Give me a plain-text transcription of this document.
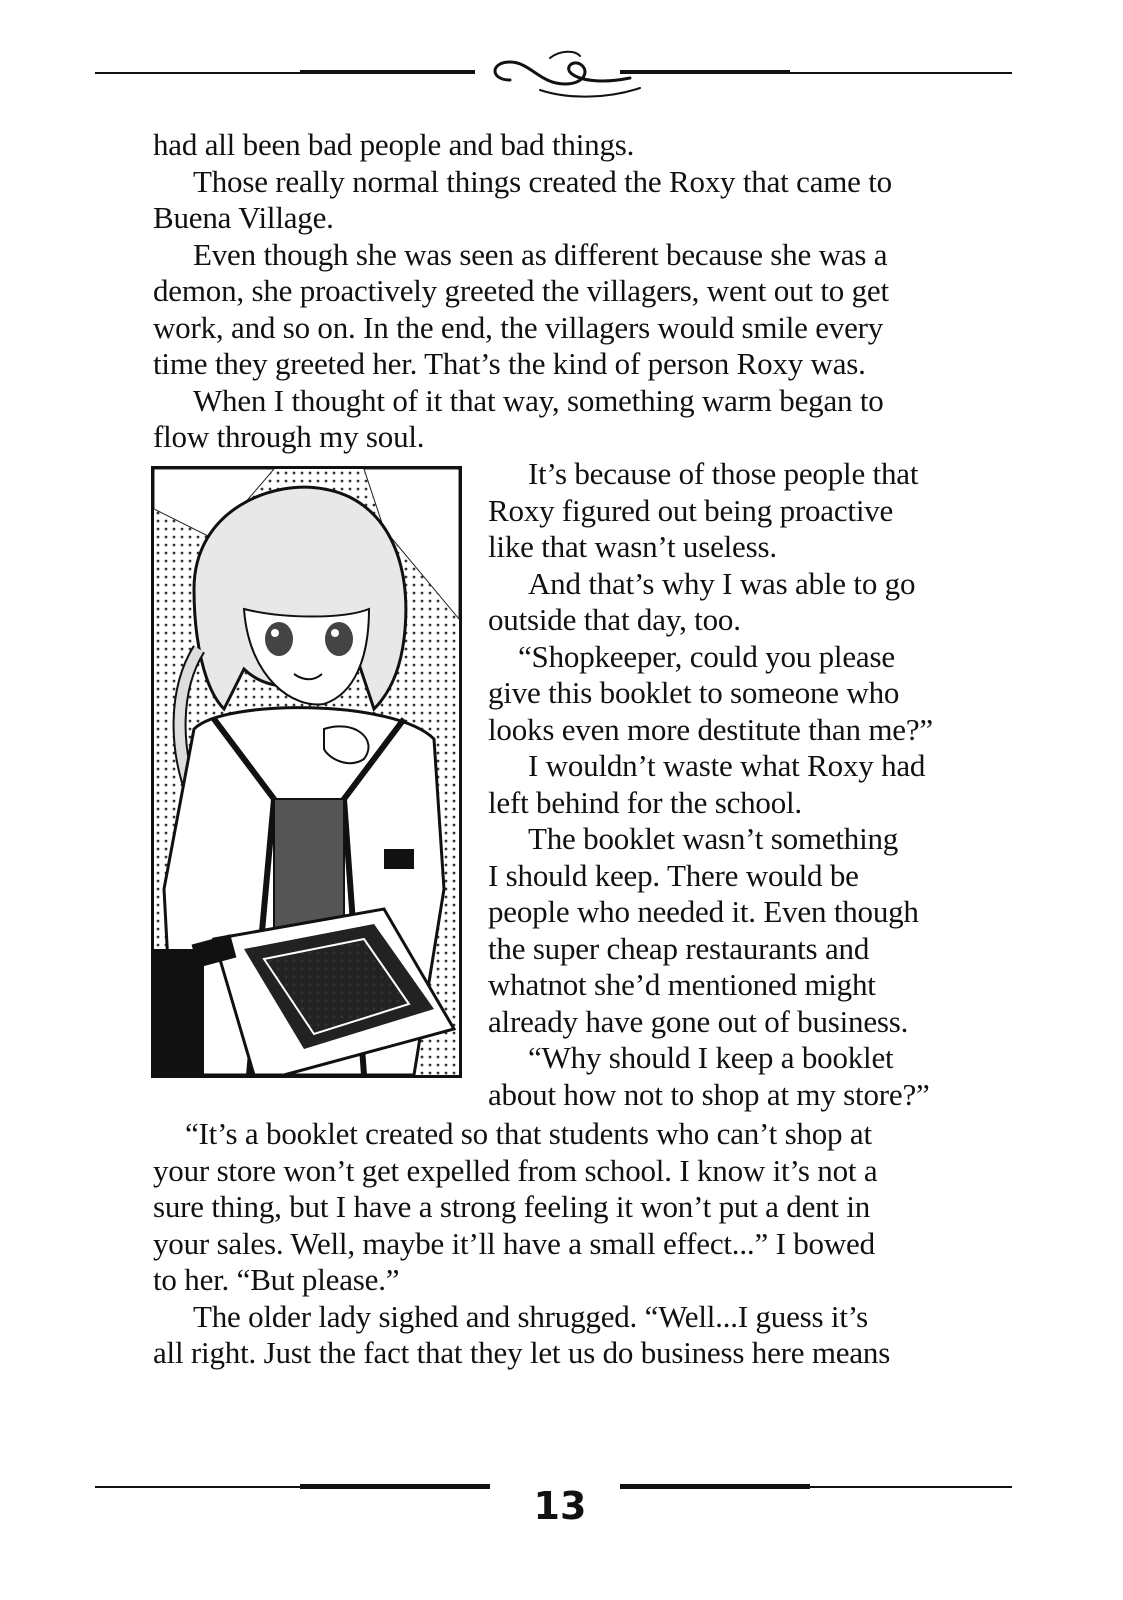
had all been bad people and bad things.
Those really normal things created the Roxy that came to
Buena Village.
Even though she was seen as different because she was a
demon, she proactively greeted the villagers, went out to get
work, and so on. In the end, the villagers would smile every
time they greeted her. That’s the kind of person Roxy was.
When I thought of it that way, something warm began to
flow through my soul.
It’s because of those people that
Roxy figured out being proactive
like that wasn’t useless.
And that’s why I was able to go
outside that day, too.
“Shopkeeper, could you please
give this booklet to someone who
looks even more destitute than me?”
I wouldn’t waste what Roxy had
left behind for the school.
The booklet wasn’t something
I should keep. There would be
people who needed it. Even though
the super cheap restaurants and
whatnot she’d mentioned might
already have gone out of business.
“Why should I keep a booklet
about how not to shop at my store?”
“It’s a booklet created so that students who can’t shop at
your store won’t get expelled from school. I know it’s not a
sure thing, but I have a strong feeling it won’t put a dent in
your sales. Well, maybe it’ll have a small effect...” I bowed
to her. “But please.”
The older lady sighed and shrugged. “Well...I guess it’s
all right. Just the fact that they let us do business here means
13
